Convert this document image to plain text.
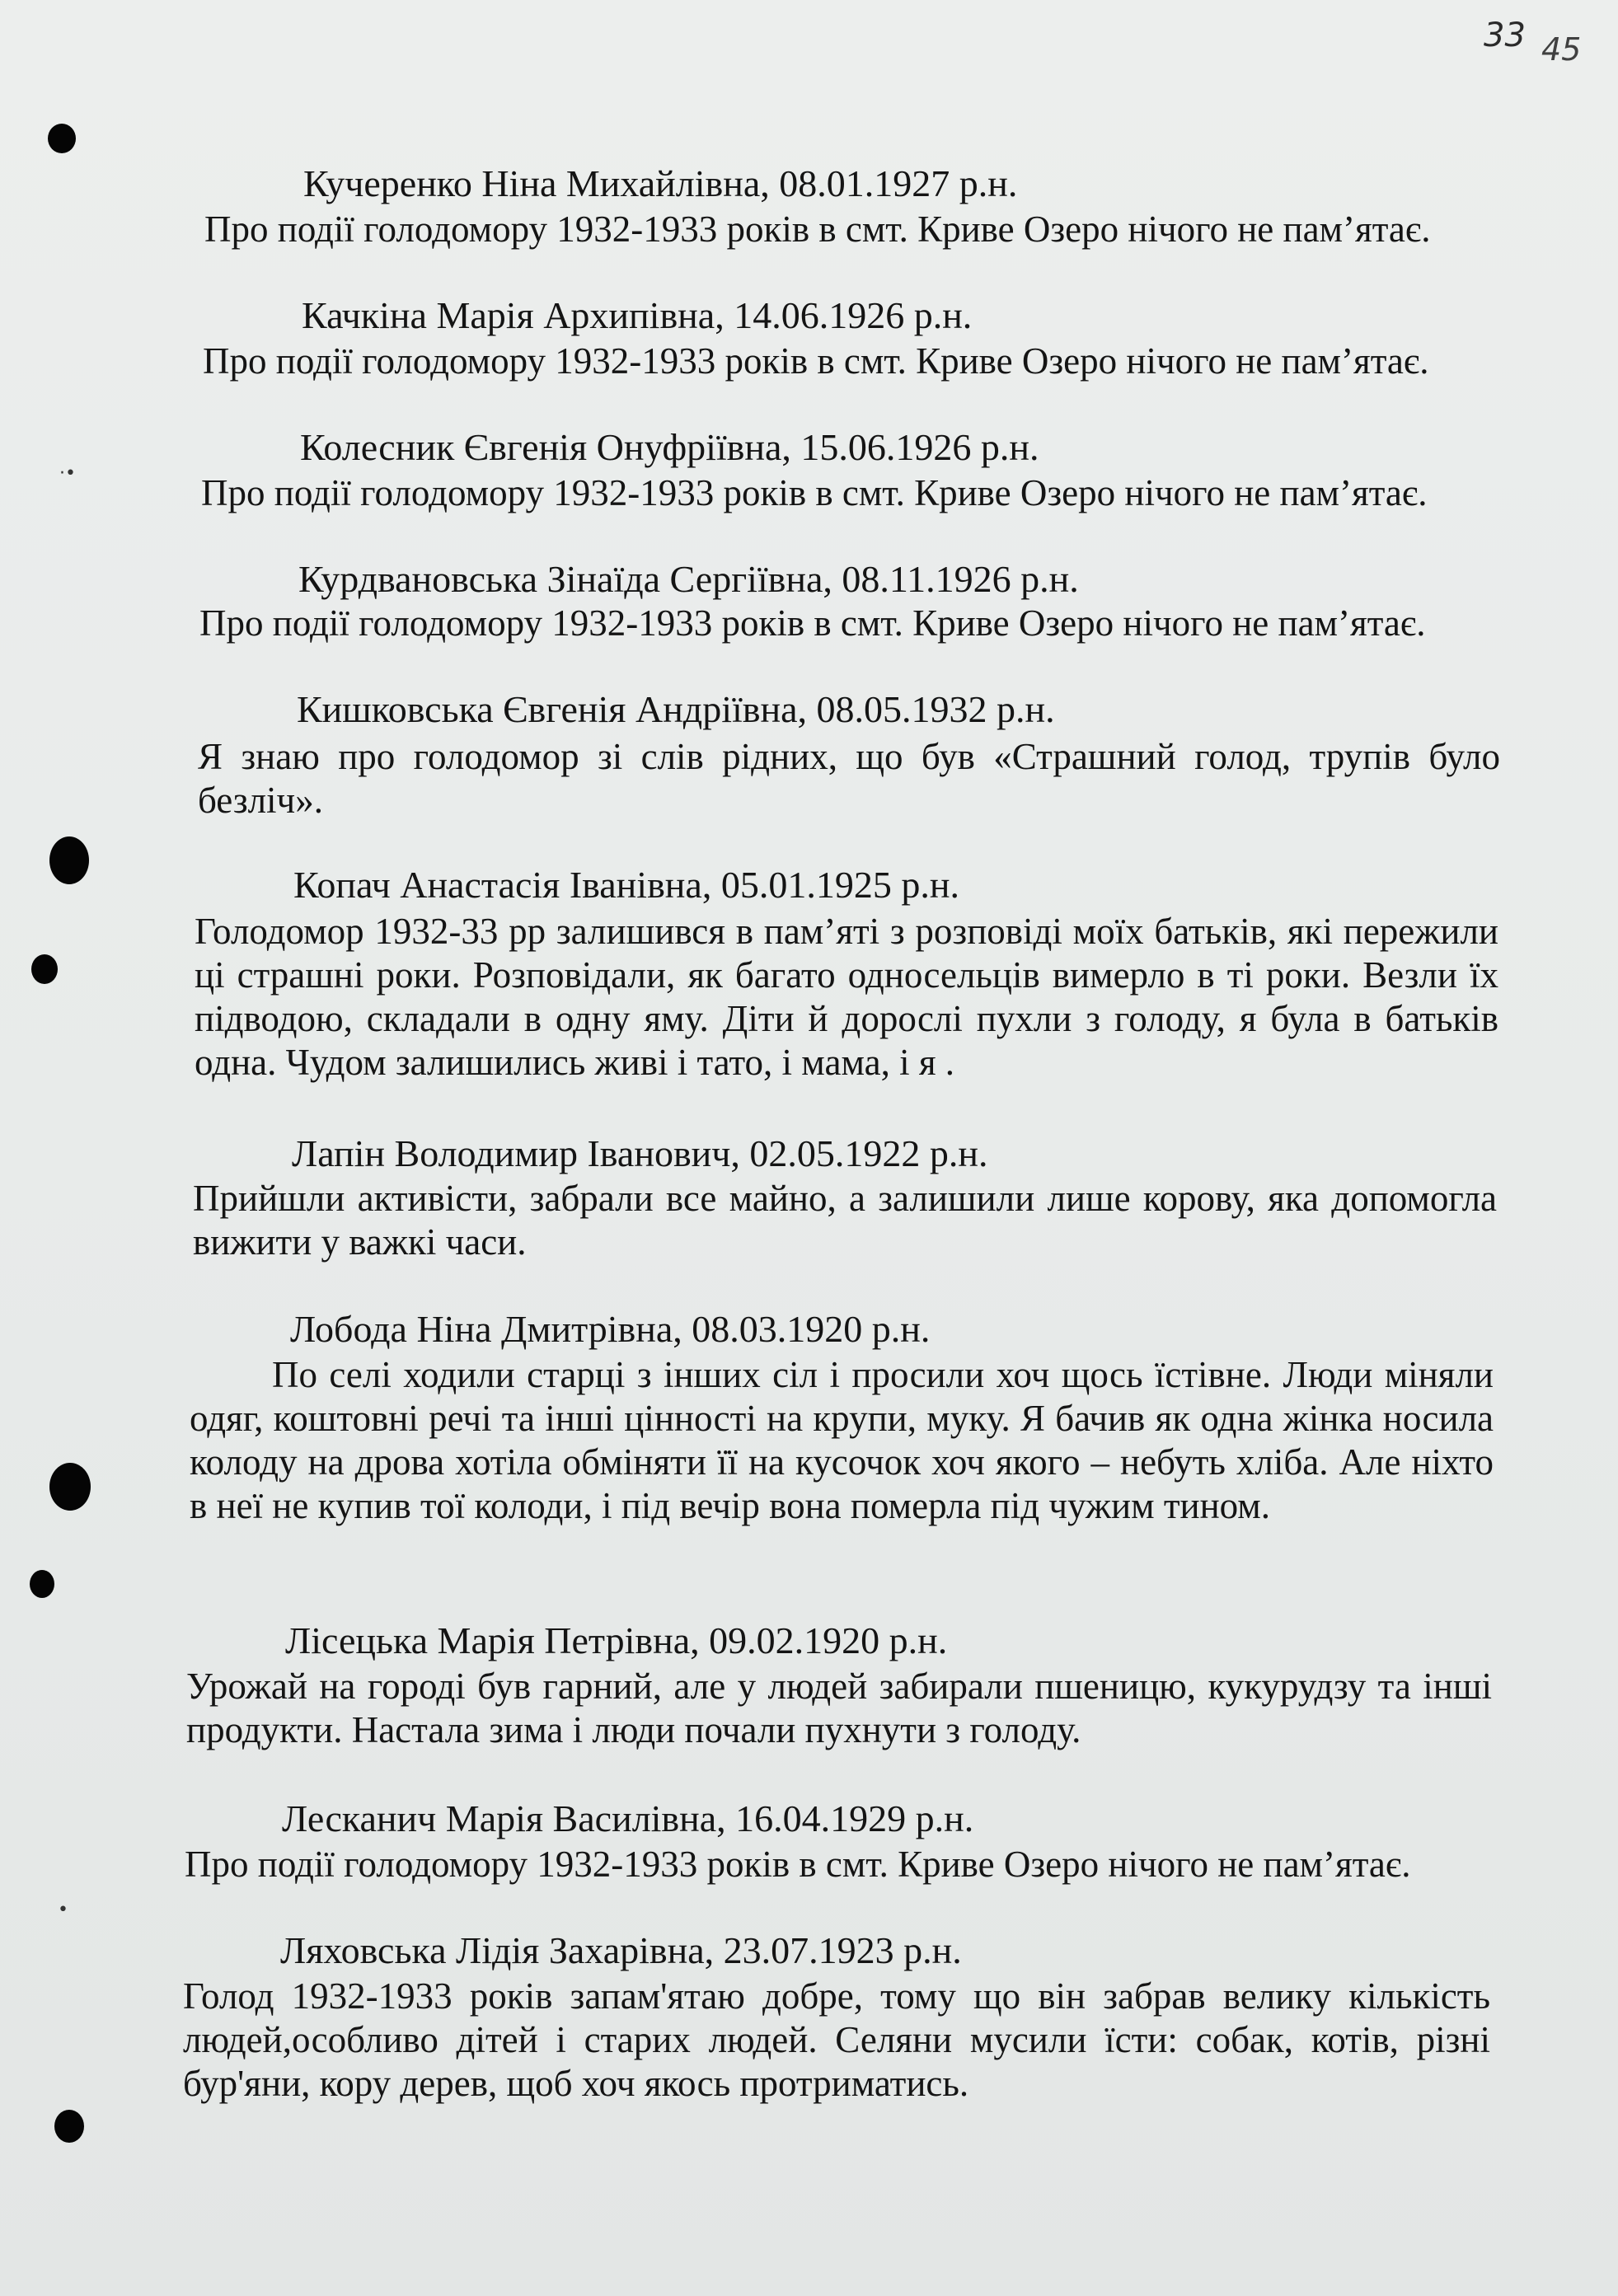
33 45
·•
•
Кучеренко Ніна Михайлівна, 08.01.1927 р.н.
Про події голодомору 1932-1933 років в смт. Криве Озеро нічого не пам’ятає.
Качкіна Марія Архипівна, 14.06.1926 р.н.
Про події голодомору 1932-1933 років в смт. Криве Озеро нічого не пам’ятає.
Колесник Євгенія Онуфріївна, 15.06.1926 р.н.
Про події голодомору 1932-1933 років в смт. Криве Озеро нічого не пам’ятає.
Курдвановська Зінаїда Сергіївна, 08.11.1926 р.н.
Про події голодомору 1932-1933 років в смт. Криве Озеро нічого не пам’ятає.
Кишковська Євгенія Андріївна, 08.05.1932 р.н.
Я знаю про голодомор зі слів рідних, що був «Страшний голод, трупів було безліч».
Копач Анастасія Іванівна, 05.01.1925 р.н.
Голодомор 1932-33 рр залишився в пам’яті з розповіді моїх батьків, які пережили ці страшні роки. Розповідали, як багато односельців вимерло в ті роки. Везли їх підводою, складали в одну яму. Діти й дорослі пухли з голоду, я була в батьків одна. Чудом залишились живі і тато, і мама, і я .
Лапін Володимир Іванович, 02.05.1922 р.н.
Прийшли активісти, забрали все майно, а залишили лише корову, яка допомогла вижити у важкі часи.
Лобода Ніна Дмитрівна, 08.03.1920 р.н.
По селі ходили старці з інших сіл і просили хоч щось їстівне. Люди міняли одяг, коштовні речі та інші цінності на крупи, муку. Я бачив як одна жінка носила колоду на дрова хотіла обміняти її на кусочок хоч якого – небуть хліба. Але ніхто в неї не купив тої колоди, і під вечір вона померла під чужим тином.
Лісецька Марія Петрівна, 09.02.1920 р.н.
Урожай на городі був гарний, але у людей забирали пшеницю, кукурудзу та інші продукти. Настала зима і люди почали пухнути з голоду.
Лесканич Марія Василівна, 16.04.1929 р.н.
Про події голодомору 1932-1933 років в смт. Криве Озеро нічого не пам’ятає.
Ляховська Лідія Захарівна, 23.07.1923 р.н.
Голод 1932-1933 років запам'ятаю добре, тому що він забрав велику кількість людей,особливо дітей і старих людей. Селяни мусили їсти: собак, котів, різні бур'яни, кору дерев, щоб хоч якось протриматись.
